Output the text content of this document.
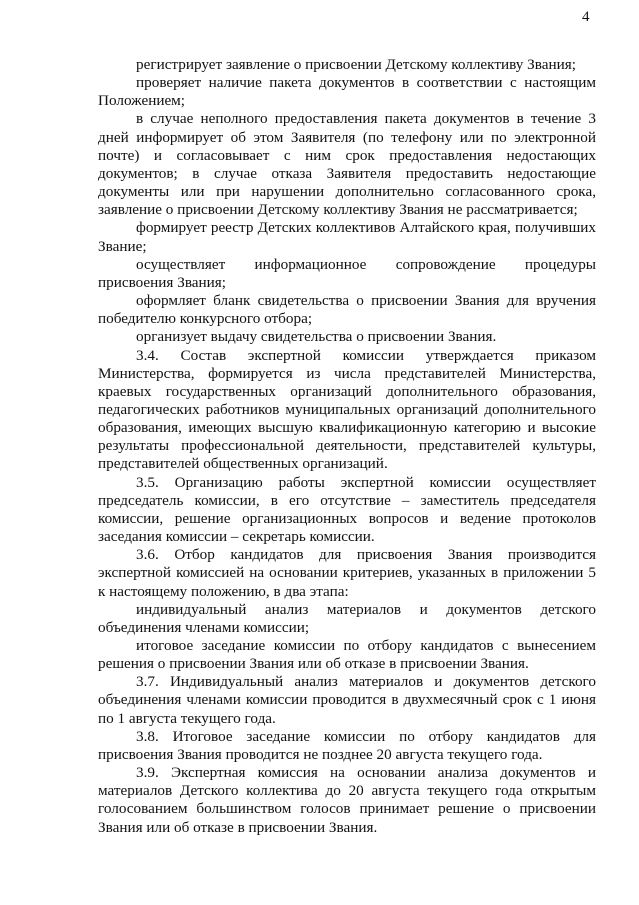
4

регистрирует заявление о присвоении Детскому коллективу Звания;

проверяет наличие пакета документов в соответствии с настоящим Положением;

в случае неполного предоставления пакета документов в течение 3 дней информирует об этом Заявителя (по телефону или по электронной почте) и согласовывает с ним срок предоставления недостающих документов; в случае отказа Заявителя предоставить недостающие документы или при нарушении дополнительно согласованного срока, заявление о присвоении Детскому коллективу Звания не рассматривается;

формирует реестр Детских коллективов Алтайского края, получивших Звание;

осуществляет информационное сопровождение процедуры присвоения Звания;

оформляет бланк свидетельства о присвоении Звания для вручения победителю конкурсного отбора;

организует выдачу свидетельства о присвоении Звания.

3.4. Состав экспертной комиссии утверждается приказом Министерства, формируется из числа представителей Министерства, краевых государственных организаций дополнительного образования, педагогических работников муниципальных организаций дополнительного образования, имеющих высшую квалификационную категорию и высокие результаты профессиональной деятельности, представителей культуры, представителей общественных организаций.

3.5. Организацию работы экспертной комиссии осуществляет председатель комиссии, в его отсутствие – заместитель председателя комиссии, решение организационных вопросов и ведение протоколов заседания комиссии – секретарь комиссии.

3.6. Отбор кандидатов для присвоения Звания производится экспертной комиссией на основании критериев, указанных в приложении 5 к настоящему положению, в два этапа:

индивидуальный анализ материалов и документов детского объединения членами комиссии;

итоговое заседание комиссии по отбору кандидатов с вынесением решения о присвоении Звания или об отказе в присвоении Звания.

3.7. Индивидуальный анализ материалов и документов детского объединения членами комиссии проводится в двухмесячный срок с 1 июня по 1 августа текущего года.

3.8. Итоговое заседание комиссии по отбору кандидатов для присвоения Звания проводится не позднее 20 августа текущего года.

3.9. Экспертная комиссия на основании анализа документов и материалов Детского коллектива до 20 августа текущего года открытым голосованием большинством голосов принимает решение о присвоении Звания или об отказе в присвоении Звания.
